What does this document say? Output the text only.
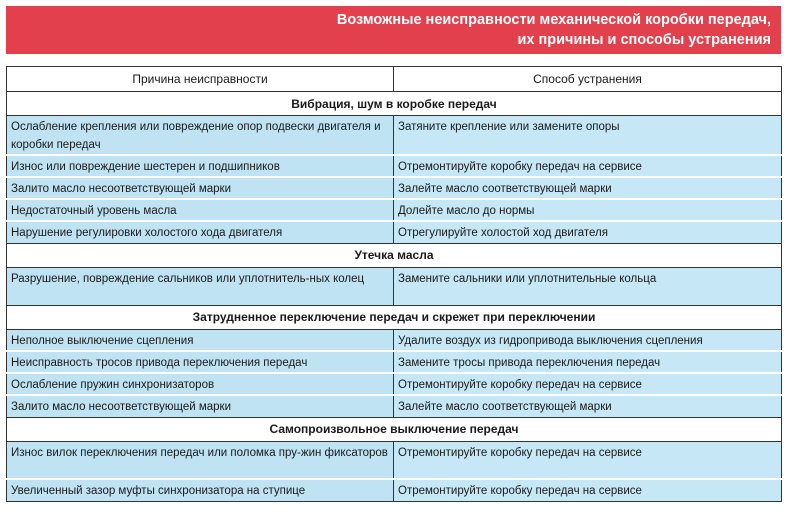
Возможные неисправности механической коробки передач,
их причины и способы устранения
Причина неисправности	Способ устранения
Вибрация, шум в коробке передач	
Ослабление крепления или повреждение опор подвески двигателя и коробки передач	Затяните крепление или замените опоры
Износ или повреждение шестерен и подшипников	Отремонтируйте коробку передач на сервисе
Залито масло несоответствующей марки	Залейте масло соответствующей марки
Недостаточный уровень масла	Долейте масло до нормы
Нарушение регулировки холостого хода двигателя	Отрегулируйте холостой ход двигателя
Утечка масла	
Разрушение, повреждение сальников или уплотнитель-ных колец	Замените сальники или уплотнительные кольца
Затрудненное переключение передач и скрежет при переключении	
Неполное выключение сцепления	Удалите воздух из гидропривода выключения сцепления
Неисправность тросов привода переключения передач	Замените тросы привода переключения передач
Ослабление пружин синхронизаторов	Отремонтируйте коробку передач на сервисе
Залито масло несоответствующей марки	Залейте масло соответствующей марки
Самопроизвольное выключение передач	
Износ вилок переключения передач или поломка пру-жин фиксаторов	Отремонтируйте коробку передач на сервисе
Увеличенный зазор муфты синхронизатора на ступице	Отремонтируйте коробку передач на сервисе
